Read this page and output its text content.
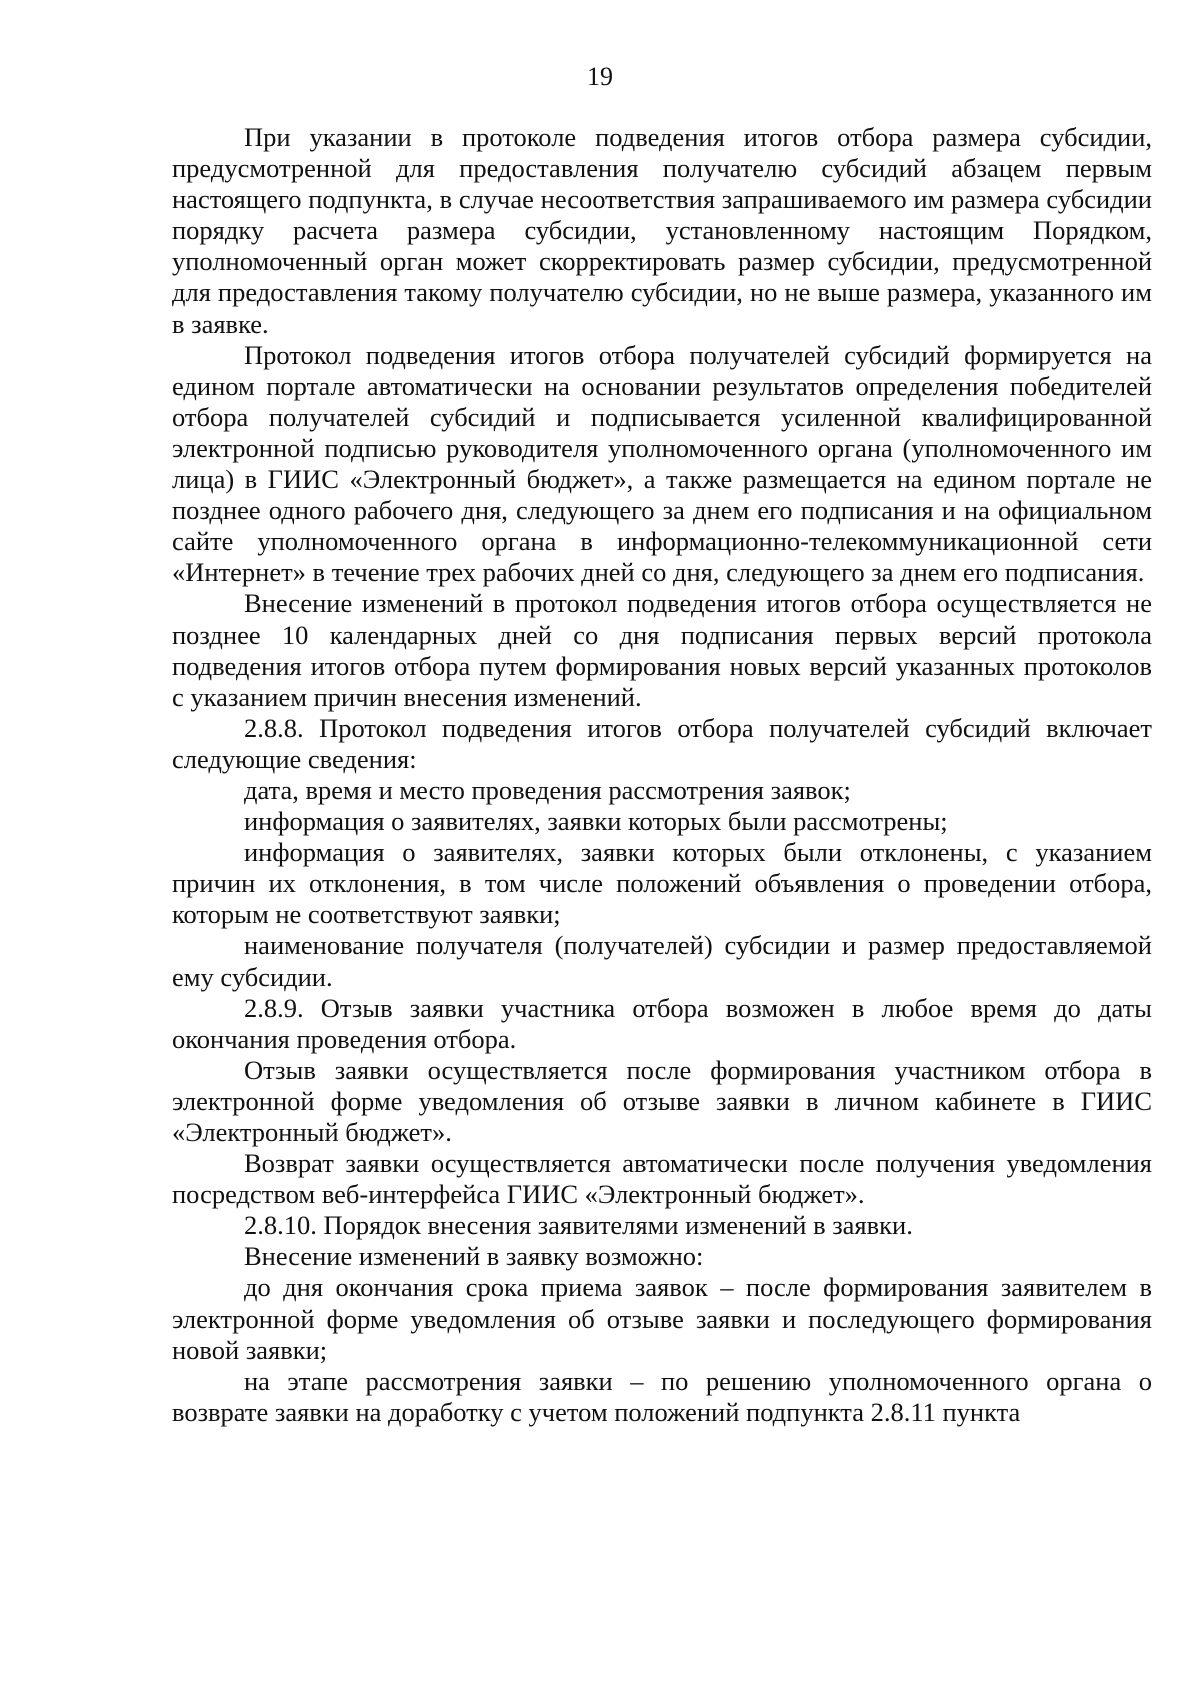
19

При указании в протоколе подведения итогов отбора размера субсидии, предусмотренной для предоставления получателю субсидий абзацем первым настоящего подпункта, в случае несоответствия запрашиваемого им размера субсидии порядку расчета размера субсидии, установленному настоящим Порядком, уполномоченный орган может скорректировать размер субсидии, предусмотренной для предоставления такому получателю субсидии, но не выше размера, указанного им в заявке.

Протокол подведения итогов отбора получателей субсидий формируется на едином портале автоматически на основании результатов определения победителей отбора получателей субсидий и подписывается усиленной квалифицированной электронной подписью руководителя уполномоченного органа (уполномоченного им лица) в ГИИС «Электронный бюджет», а также размещается на едином портале не позднее одного рабочего дня, следующего за днем его подписания и на официальном сайте уполномоченного органа в информационно-телекоммуникационной сети «Интернет» в течение трех рабочих дней со дня, следующего за днем его подписания.

Внесение изменений в протокол подведения итогов отбора осуществляется не позднее 10 календарных дней со дня подписания первых версий протокола подведения итогов отбора путем формирования новых версий указанных протоколов с указанием причин внесения изменений.

2.8.8. Протокол подведения итогов отбора получателей субсидий включает следующие сведения:

дата, время и место проведения рассмотрения заявок;

информация о заявителях, заявки которых были рассмотрены;

информация о заявителях, заявки которых были отклонены, с указанием причин их отклонения, в том числе положений объявления о проведении отбора, которым не соответствуют заявки;

наименование получателя (получателей) субсидии и размер предоставляемой ему субсидии.

2.8.9. Отзыв заявки участника отбора возможен в любое время до даты окончания проведения отбора.

Отзыв заявки осуществляется после формирования участником отбора в электронной форме уведомления об отзыве заявки в личном кабинете в ГИИС «Электронный бюджет».

Возврат заявки осуществляется автоматически после получения уведомления посредством веб-интерфейса ГИИС «Электронный бюджет».

2.8.10. Порядок внесения заявителями изменений в заявки.

Внесение изменений в заявку возможно:

до дня окончания срока приема заявок – после формирования заявителем в электронной форме уведомления об отзыве заявки и последующего формирования новой заявки;

на этапе рассмотрения заявки – по решению уполномоченного органа о возврате заявки на доработку с учетом положений подпункта 2.8.11 пункта
